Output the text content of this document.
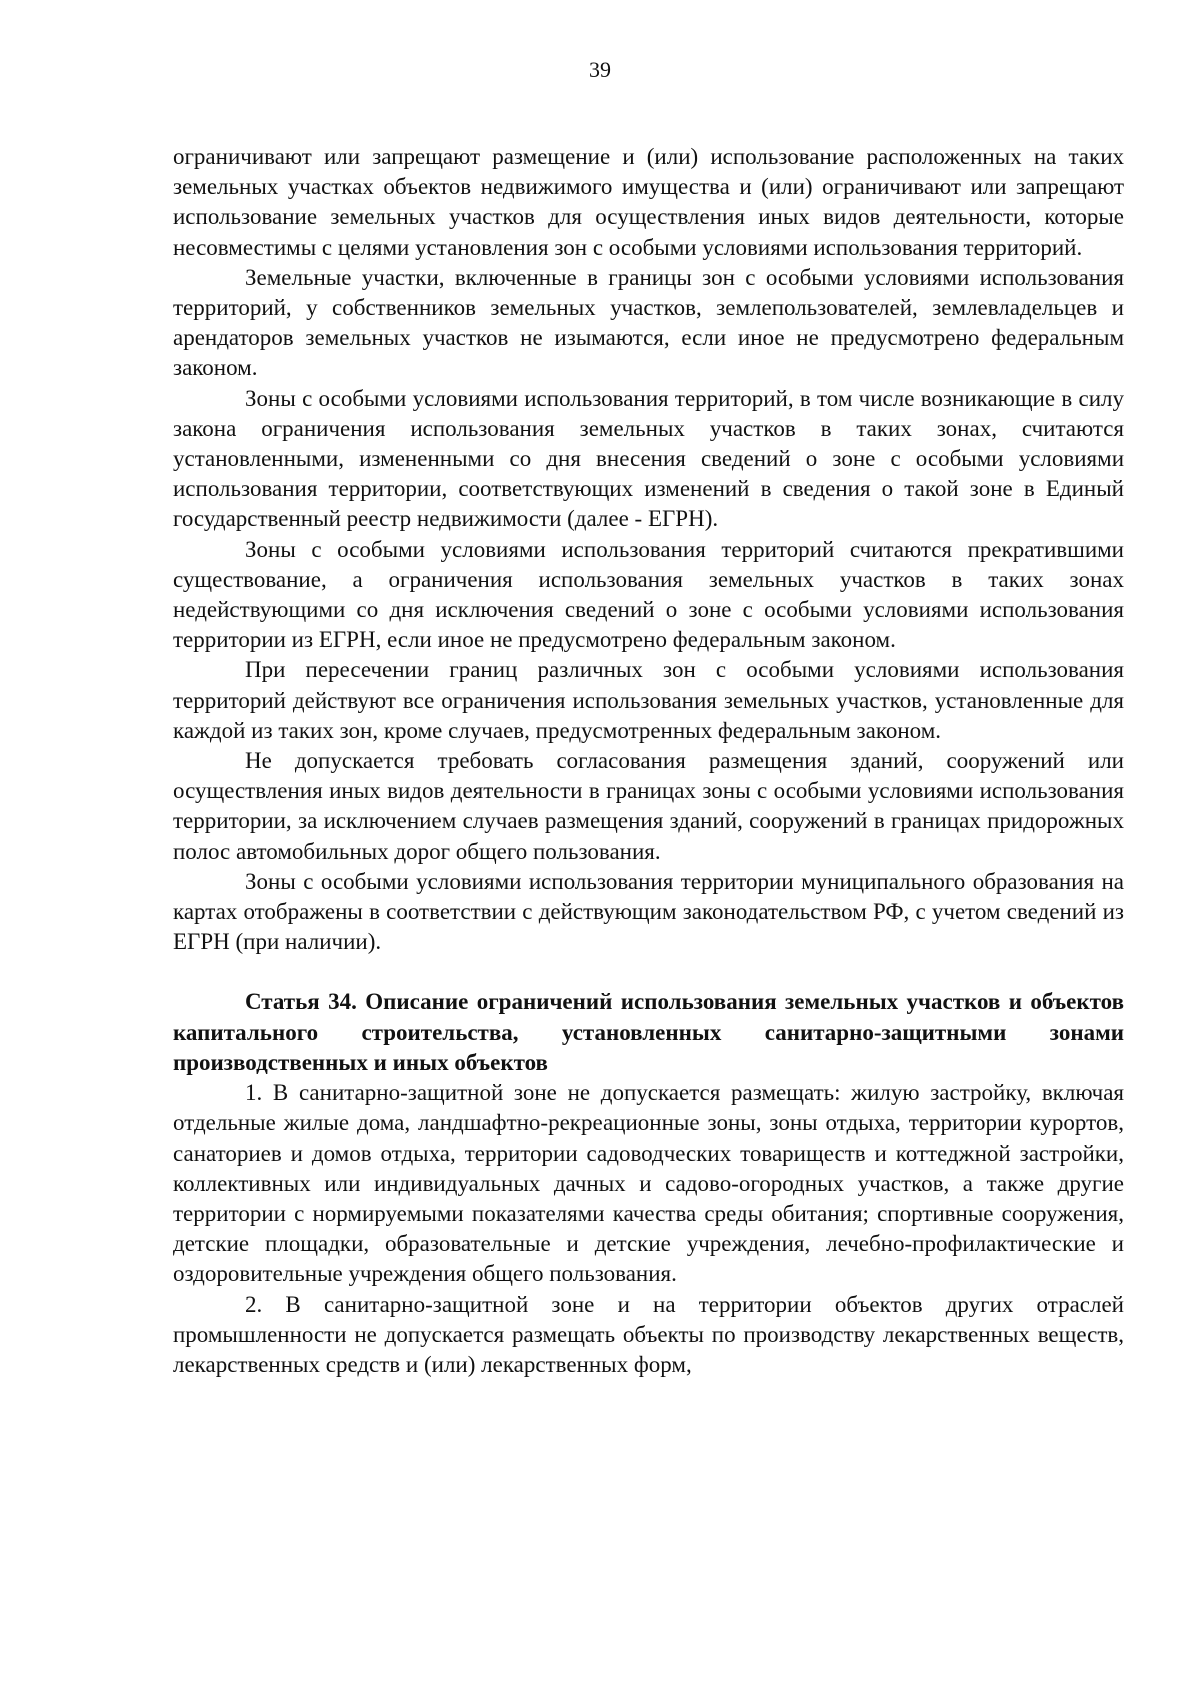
39

ограничивают или запрещают размещение и (или) использование расположенных на таких земельных участках объектов недвижимого имущества и (или) ограничивают или запрещают использование земельных участков для осуществления иных видов деятельности, которые несовместимы с целями установления зон с особыми условиями использования территорий.

Земельные участки, включенные в границы зон с особыми условиями использования территорий, у собственников земельных участков, землепользователей, землевладельцев и арендаторов земельных участков не изымаются, если иное не предусмотрено федеральным законом.

Зоны с особыми условиями использования территорий, в том числе возникающие в силу закона ограничения использования земельных участков в таких зонах, считаются установленными, измененными со дня внесения сведений о зоне с особыми условиями использования территории, соответствующих изменений в сведения о такой зоне в Единый государственный реестр недвижимости (далее - ЕГРН).

Зоны с особыми условиями использования территорий считаются прекратившими существование, а ограничения использования земельных участков в таких зонах недействующими со дня исключения сведений о зоне с особыми условиями использования территории из ЕГРН, если иное не предусмотрено федеральным законом.

При пересечении границ различных зон с особыми условиями использования территорий действуют все ограничения использования земельных участков, установленные для каждой из таких зон, кроме случаев, предусмотренных федеральным законом.

Не допускается требовать согласования размещения зданий, сооружений или осуществления иных видов деятельности в границах зоны с особыми условиями использования территории, за исключением случаев размещения зданий, сооружений в границах придорожных полос автомобильных дорог общего пользования.

Зоны с особыми условиями использования территории муниципального образования на картах отображены в соответствии с действующим законодательством РФ, с учетом сведений из ЕГРН (при наличии).

Статья 34. Описание ограничений использования земельных участков и объектов капитального строительства, установленных санитарно-защитными зонами производственных и иных объектов

1. В санитарно-защитной зоне не допускается размещать: жилую застройку, включая отдельные жилые дома, ландшафтно-рекреационные зоны, зоны отдыха, территории курортов, санаториев и домов отдыха, территории садоводческих товариществ и коттеджной застройки, коллективных или индивидуальных дачных и садово-огородных участков, а также другие территории с нормируемыми показателями качества среды обитания; спортивные сооружения, детские площадки, образовательные и детские учреждения, лечебно-профилактические и оздоровительные учреждения общего пользования.

2. В санитарно-защитной зоне и на территории объектов других отраслей промышленности не допускается размещать объекты по производству лекарственных веществ, лекарственных средств и (или) лекарственных форм,
